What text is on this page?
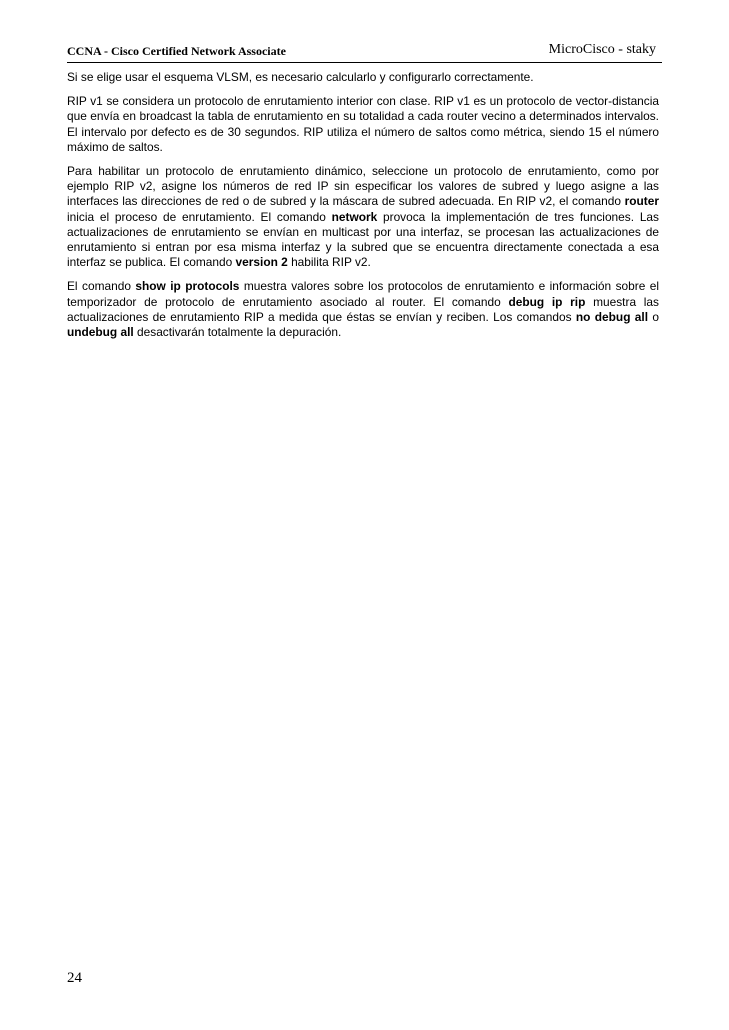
CCNA - Cisco Certified Network Associate	MicroCisco - staky

Si se elige usar el esquema VLSM, es necesario calcularlo y configurarlo correctamente.

RIP v1 se considera un protocolo de enrutamiento interior con clase. RIP v1 es un protocolo de vector-distancia que envía en broadcast la tabla de enrutamiento en su totalidad a cada router vecino a determinados intervalos. El intervalo por defecto es de 30 segundos. RIP utiliza el número de saltos como métrica, siendo 15 el número máximo de saltos.

Para habilitar un protocolo de enrutamiento dinámico, seleccione un protocolo de enrutamiento, como por ejemplo RIP v2, asigne los números de red IP sin especificar los valores de subred y luego asigne a las interfaces las direcciones de red o de subred y la máscara de subred adecuada. En RIP v2, el comando router inicia el proceso de enrutamiento. El comando network provoca la implementación de tres funciones. Las actualizaciones de enrutamiento se envían en multicast por una interfaz, se procesan las actualizaciones de enrutamiento si entran por esa misma interfaz y la subred que se encuentra directamente conectada a esa interfaz se publica. El comando version 2 habilita RIP v2.

El comando show ip protocols muestra valores sobre los protocolos de enrutamiento e información sobre el temporizador de protocolo de enrutamiento asociado al router. El comando debug ip rip muestra las actualizaciones de enrutamiento RIP a medida que éstas se envían y reciben. Los comandos no debug all o undebug all desactivarán totalmente la depuración.

24
